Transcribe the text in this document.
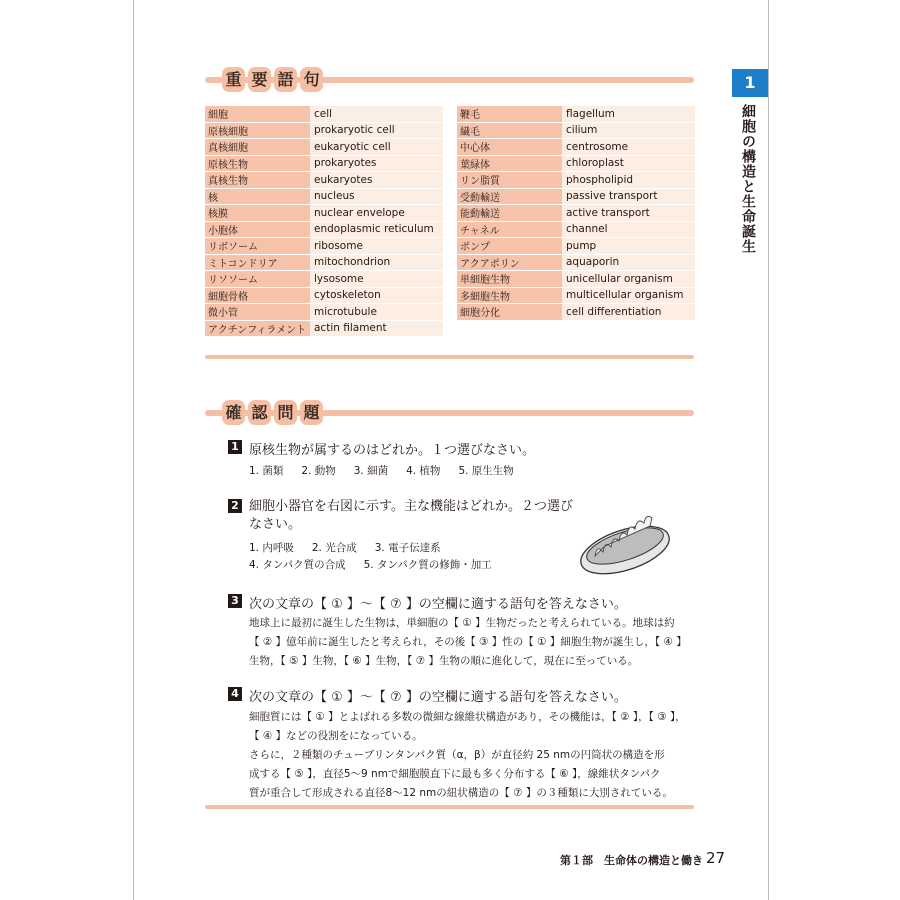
1
細胞の構造と生命誕生
重 要 語 句
細胞	cell
原核細胞	prokaryotic cell
真核細胞	eukaryotic cell
原核生物	prokaryotes
真核生物	eukaryotes
核	nucleus
核膜	nuclear envelope
小胞体	endoplasmic reticulum
リボソーム	ribosome
ミトコンドリア	mitochondrion
リソソーム	lysosome
細胞骨格	cytoskeleton
微小管	microtubule
アクチンフィラメント	actin filament
鞭毛	flagellum
繊毛	cilium
中心体	centrosome
葉緑体	chloroplast
リン脂質	phospholipid
受動輸送	passive transport
能動輸送	active transport
チャネル	channel
ポンプ	pump
アクアポリン	aquaporin
単細胞生物	unicellular organism
多細胞生物	multicellular organism
細胞分化	cell differentiation
確 認 問 題
1 原核生物が属するのはどれか。１つ選びなさい。
1. 菌類 2. 動物 3. 細菌 4. 植物 5. 原生生物
2 細胞小器官を右図に示す。主な機能はどれか。２つ選び
なさい。
1. 内呼吸 2. 光合成 3. 電子伝達系
4. タンパク質の合成 5. タンパク質の修飾・加工
3 次の文章の【 ① 】～【 ⑦ 】の空欄に適する語句を答えなさい。
地球上に最初に誕生した生物は，単細胞の【 ① 】生物だったと考えられている。地球は約
【 ② 】億年前に誕生したと考えられ，その後【 ③ 】性の【 ① 】細胞生物が誕生し，【 ④ 】
生物，【 ⑤ 】生物，【 ⑥ 】生物，【 ⑦ 】生物の順に進化して，現在に至っている。
4 次の文章の【 ① 】～【 ⑦ 】の空欄に適する語句を答えなさい。
細胞質には【 ① 】とよばれる多数の微細な線維状構造があり，その機能は，【 ② 】，【 ③ 】，
【 ④ 】などの役割をになっている。
さらに，２種類のチューブリンタンパク質（α，β）が直径約 25 nmの円筒状の構造を形
成する【 ⑤ 】，直径5～9 nmで細胞膜直下に最も多く分布する【 ⑥ 】，線維状タンパク
質が重合して形成される直径8～12 nmの紐状構造の【 ⑦ 】の３種類に大別されている。
第１部　生命体の構造と働き 27
